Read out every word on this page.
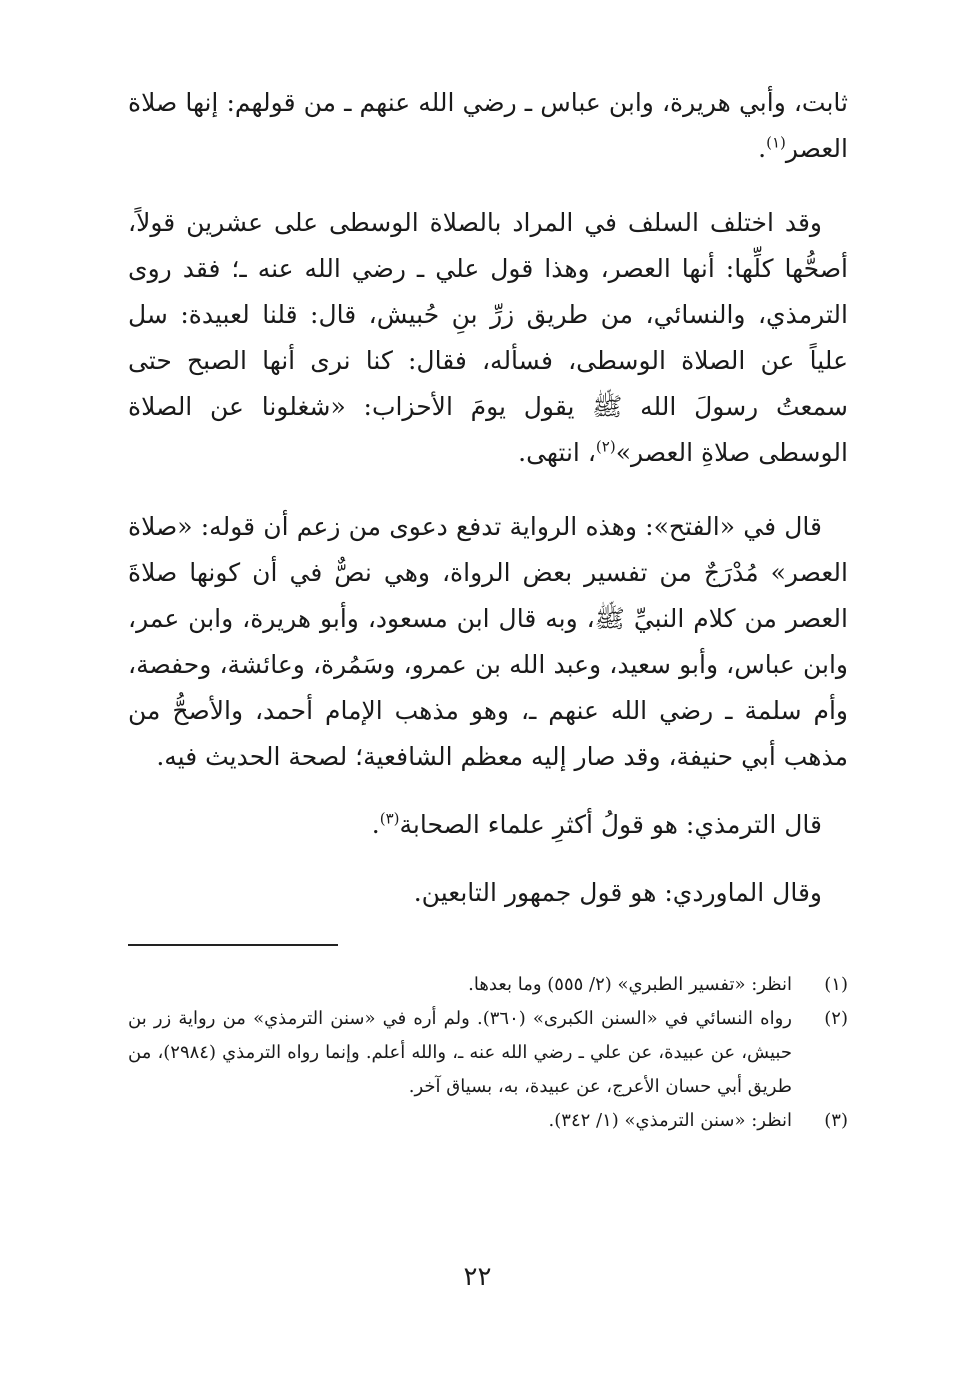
ثابت، وأبي هريرة، وابن عباس ـ رضي الله عنهم ـ من قولهم: إنها صلاة العصر$^{(١)}$.

وقد اختلف السلف في المراد بالصلاة الوسطى على عشرين قولاً، أصحُّها كلِّها: أنها العصر، وهذا قول علي ـ رضي الله عنه ـ؛ فقد روى الترمذي، والنسائي، من طريق زرِّ بنِ حُبيش، قال: قلنا لعبيدة: سل علياً عن الصلاة الوسطى، فسأله، فقال: كنا نرى أنها الصبح حتى سمعتُ رسولَ الله ﷺ يقول يومَ الأحزاب: «شغلونا عن الصلاة الوسطى صلاةِ العصر»$^{(٢)}$، انتهى.

قال في «الفتح»: وهذه الرواية تدفع دعوى من زعم أن قوله: «صلاة العصر» مُدْرَجٌ من تفسير بعض الرواة، وهي نصٌّ في أن كونها صلاةَ العصر من كلام النبيِّ ﷺ، وبه قال ابن مسعود، وأبو هريرة، وابن عمر، وابن عباس، وأبو سعيد، وعبد الله بن عمرو، وسَمُرة، وعائشة، وحفصة، وأم سلمة ـ رضي الله عنهم ـ، وهو مذهب الإمام أحمد، والأصحُّ من مذهب أبي حنيفة، وقد صار إليه معظم الشافعية؛ لصحة الحديث فيه.

قال الترمذي: هو قولُ أكثرِ علماء الصحابة$^{(٣)}$.

وقال الماوردي: هو قول جمهور التابعين.

(١)
انظر: «تفسير الطبري» (٢/ ٥٥٥) وما بعدها.
(٢)
رواه النسائي في «السنن الكبرى» (٣٦٠). ولم أره في «سنن الترمذي» من رواية زر بن حبيش، عن عبيدة، عن علي ـ رضي الله عنه ـ، والله أعلم. وإنما رواه الترمذي (٢٩٨٤)، من طريق أبي حسان الأعرج، عن عبيدة، به، بسياق آخر.
(٣)
انظر: «سنن الترمذي» (١/ ٣٤٢).
٢٢
